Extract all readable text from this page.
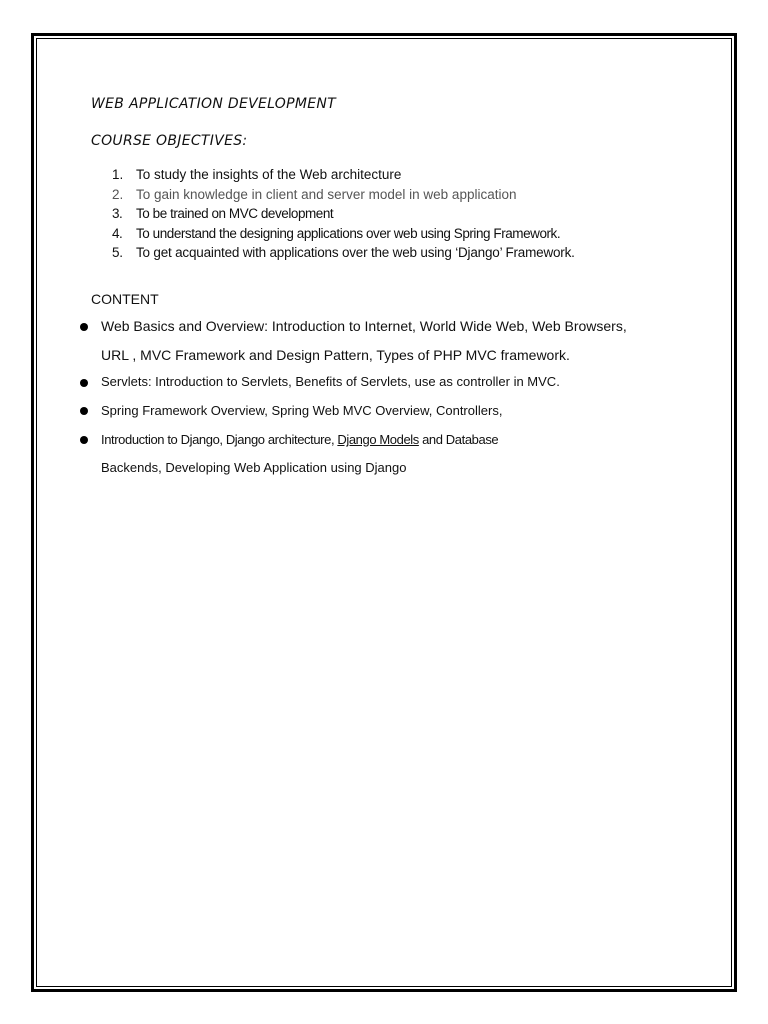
WEB APPLICATION DEVELOPMENT
COURSE OBJECTIVES:
1. To study the insights of the Web architecture
2. To gain knowledge in client and server model in web application
3. To be trained on MVC development
4. To understand the designing applications over web using Spring Framework.
5. To get acquainted with applications over the web using ‘Django’ Framework.
CONTENT

Web Basics and Overview: Introduction to Internet, World Wide Web, Web Browsers,

URL , MVC Framework and Design Pattern, Types of PHP MVC framework.

Servlets: Introduction to Servlets, Benefits of Servlets, use as controller in MVC.

Spring Framework Overview, Spring Web MVC Overview, Controllers,

Introduction to Django, Django architecture, Django Models and Database

Backends, Developing Web Application using Django
